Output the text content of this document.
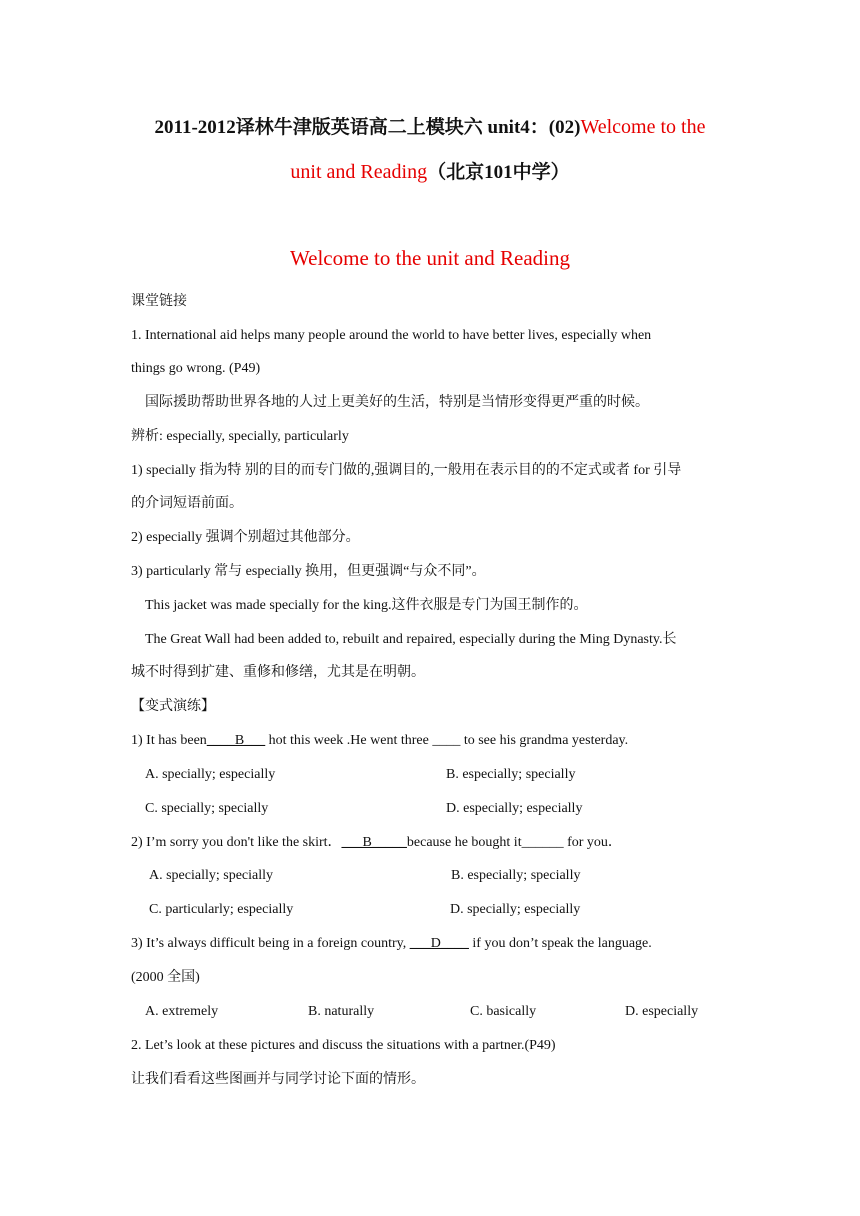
2011-2012译林牛津版英语高二上模块六 unit4：(02)Welcome to the
unit and Reading（北京101中学）
Welcome to the unit and Reading
课堂链接
1. International aid helps many people around the world to have better lives, especially when
things go wrong. (P49)
国际援助帮助世界各地的人过上更美好的生活，特别是当情形变得更严重的时候。
辨析: especially, specially, particularly
1) specially 指为特 别的目的而专门做的,强调目的,一般用在表示目的的不定式或者 for 引导
的介词短语前面。
2) especially 强调个别超过其他部分。
3) particularly 常与 especially 换用，但更强调“与众不同”。
This jacket was made specially for the king.这件衣服是专门为国王制作的。
The Great Wall had been added to, rebuilt and repaired, especially during the Ming Dynasty.长
城不时得到扩建、重修和修缮，尤其是在明朝。
【变式演练】
1) It has been____B___ hot this week .He went three ____ to see his grandma yesterday.
A. specially; especially	B. especially; specially
C. specially; specially	D. especially; especially
2) I’m sorry you don't like the skirt．___B_____because he bought it______ for you．
A. specially; specially	B. especially; specially
C. particularly; especially	D. specially; especially
3) It’s always difficult being in a foreign country, ___D____ if you don’t speak the language.
(2000 全国)
A. extremely	B. naturally	C. basically	D. especially
2. Let’s look at these pictures and discuss the situations with a partner.(P49)
让我们看看这些图画并与同学讨论下面的情形。
